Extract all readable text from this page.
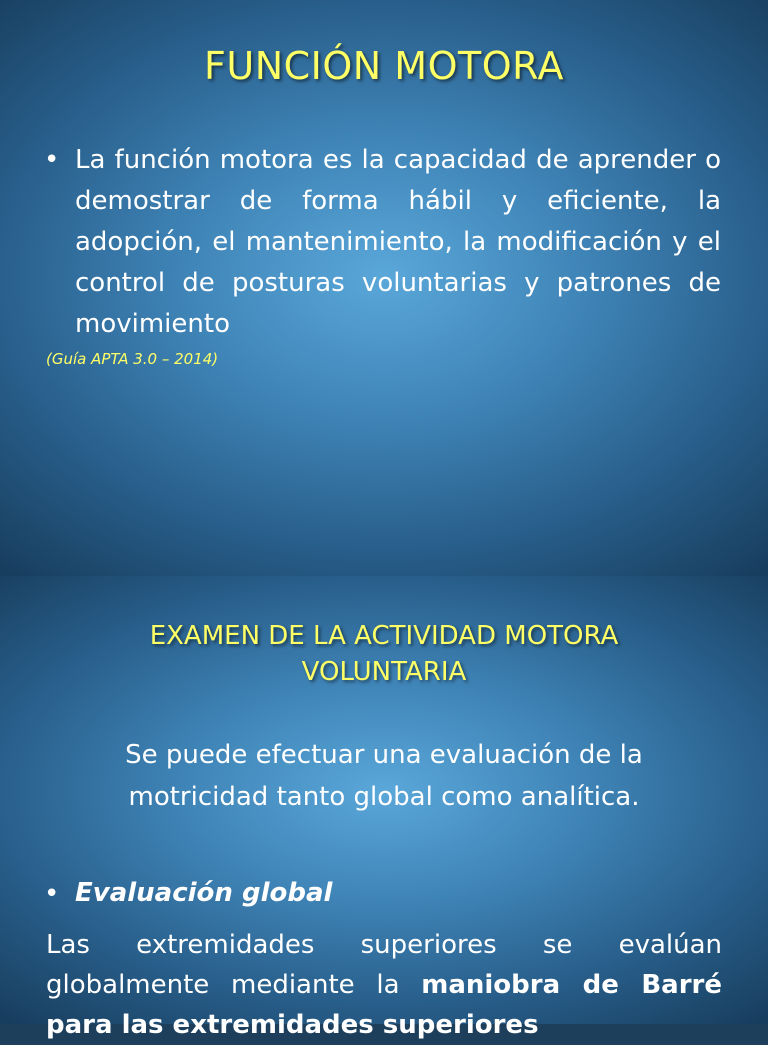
FUNCIÓN MOTORA
• La función motora es la capacidad de aprender o demostrar de forma hábil y eficiente, la adopción, el mantenimiento, la modificación y el control de posturas voluntarias y patrones de movimiento
(Guía APTA 3.0 – 2014)
EXAMEN DE LA ACTIVIDAD MOTORA
VOLUNTARIA
Se puede efectuar una evaluación de la
motricidad tanto global como analítica.
• Evaluación global
Las extremidades superiores se evalúan
globalmente mediante la maniobra de Barré
para las extremidades superiores
